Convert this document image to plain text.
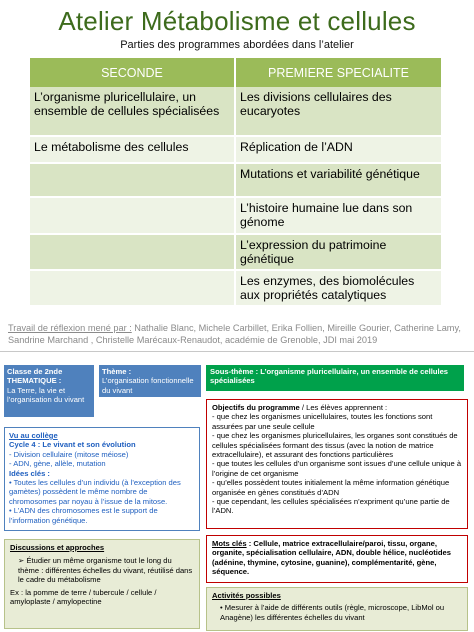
Atelier Métabolisme et cellules
Parties des programmes abordées dans l’atelier
SECONDE	PREMIERE SPECIALITE
L’organisme pluricellulaire, un ensemble de cellules spécialisées	Les divisions cellulaires des eucaryotes
Le métabolisme des cellules	Réplication de l’ADN
	Mutations et variabilité génétique
	L’histoire humaine lue dans son génome
	L’expression du patrimoine génétique
	Les enzymes, des biomolécules aux propriétés catalytiques
Travail de réflexion mené par : Nathalie Blanc, Michele Carbillet, Erika Follien, Mireille Gourier, Catherine Lamy, Sandrine Marchand , Christelle Marécaux-Renaudot, académie de Grenoble, JDI mai 2019
Classe de 2nde
THEMATIQUE :
La Terre, la vie et l’organisation du vivant
Thème :
L’organisation fonctionnelle du vivant
Sous-thème : L’organisme pluricellulaire, un ensemble de cellules spécialisées
Vu au collège
Cycle 4 : Le vivant et son évolution
- Division cellulaire (mitose méiose)
- ADN, gène, allèle, mutation
Idées clés :
• Toutes les cellules d’un individu (à l’exception des gamètes) possèdent le même nombre de chromosomes par noyau à l’issue de la mitose.
• L’ADN des chromosomes est le support de l’information génétique.
Objectifs du programme / Les élèves apprennent :
- que chez les organismes unicellulaires, toutes les fonctions sont assurées par une seule cellule
- que chez les organismes pluricellulaires, les organes sont constitués de cellules spécialisées formant des tissus (avec la notion de matrice extracellulaire), et assurant des fonctions particulières
- que toutes les cellules d’un organisme sont issues d’une cellule unique à l’origine de cet organisme
- qu’elles possèdent toutes initialement la même information génétique organisée en gènes constitués d’ADN
- que cependant, les cellules spécialisées n’expriment qu’une partie de l’ADN.
Discussions et approches
➢ Étudier un même organisme tout le long du thème : différentes échelles du vivant, réutilisé dans le cadre du métabolisme
Ex : la pomme de terre / tubercule / cellule / amyloplaste / amylopectine
Mots clés : Cellule, matrice extracellulaire/paroi, tissu, organe, organite, spécialisation cellulaire, ADN, double hélice, nucléotides (adénine, thymine, cytosine, guanine), complémentarité, gène, séquence.
Activités possibles
• Mesurer à l’aide de différents outils (règle, microscope, LibMol ou Anagène) les différentes échelles du vivant
